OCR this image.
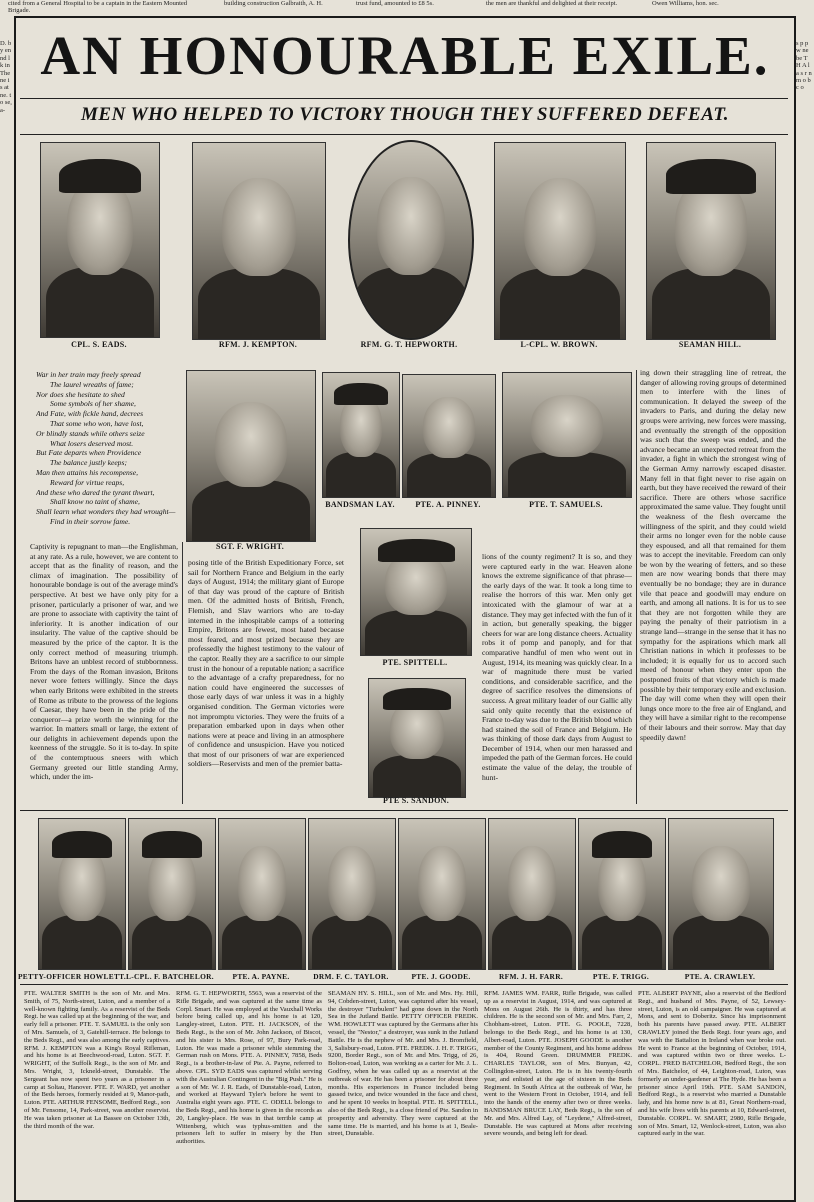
cited from a General Hospital to be a captain in the Eastern Mounted Brigade.
building construction Galbraith, A. H.	trust fund, amounted to £8 5s.	the men are thankful and delighted at their receipt.	Owen Williams, hon. sec.
D. by en nd lk in The ne is at ne. to se, a-
s p p w ne be T H A l a s r n m o b c o
AN HONOURABLE EXILE.
MEN WHO HELPED TO VICTORY THOUGH THEY SUFFERED DEFEAT.
CPL. S. EADS.	RFM. J. KEMPTON.	RFM. G. T. HEPWORTH.	L-CPL. W. BROWN.	SEAMAN HILL.
War in her train may freely spread
The laurel wreaths of fame;
Nor does she hesitate to shed
Some symbols of her shame,
And Fate, with fickle hand, decrees
That some who won, have lost,
Or blindly stands while others seize
What losers deserved most.
But Fate departs when Providence
The balance justly keeps;
Man then attains his recompense,
Reward for virtue reaps,
And these who dared the tyrant thwart,
Shall know no taint of shame,
Shall learn what wonders they had wrought—
Find in their sorrow fame.
SGT. F. WRIGHT.
BANDSMAN LAY.	PTE. A. PINNEY.	PTE. T. SAMUELS.
Captivity is repugnant to man—the Englishman, at any rate. As a rule, however, we are content to accept that as the finality of reason, and the climax of imagination. The possibility of honourable bondage is out of the average mind's perspective. At best we have only pity for a prisoner, particularly a prisoner of war, and we are prone to associate with captivity the taint of inferiority. It is another indication of our insularity. The value of the captive should be measured by the price of the captor. It is the only correct method of measuring triumph. Britons have an unblest record of stubbornness. From the days of the Roman invasion, Britons never wore fetters willingly. Since the days when early Britons were exhibited in the streets of Rome as tribute to the prowess of the legions of Caesar, they have been in the pride of the conqueror—a prize worth the winning for the warrior. In matters small or large, the extent of our delights in achievement depends upon the keenness of the struggle. So it is to-day. In spite of the contemptuous sneers with which Germany greeted our little standing Army, which, under the im-
posing title of the British Expeditionary Force, set sail for Northern France and Belgium in the early days of August, 1914; the military giant of Europe of that day was proud of the capture of British men. Of the admitted hosts of British, French, Flemish, and Slav warriors who are to-day interned in the inhospitable camps of a tottering Empire, Britons are fewest, most hated because most feared, and most prized because they are professedly the highest testimony to the valour of the captor. Really they are a sacrifice to our simple trust in the honour of a reputable nation; a sacrifice to the advantage of a crafty preparedness, for no nation could have engineered the successes of those early days of war unless it was in a highly organised condition. The German victories were not impromptu victories. They were the fruits of a preparation embarked upon in days when other nations were at peace and living in an atmosphere of confidence and unsuspicion. Have you noticed that most of our prisoners of war are experienced soldiers—Reservists and men of the premier batta-
PTE. SPITTELL.
PTE S. SANDON.
lions of the county regiment? It is so, and they were captured early in the war. Heaven alone knows the extreme significance of that phrase—the early days of the war. It took a long time to realise the horrors of this war. Men only get intoxicated with the glamour of war at a distance. They may get infected with the fun of it in action, but generally speaking, the bigger cheers for war are long distance cheers. Actuality robs it of pomp and panoply, and for that comparative handful of men who went out in August, 1914, its meaning was quickly clear. In a war of magnitude there must be varied conditions, and considerable sacrifice, and the degree of sacrifice resolves the dimensions of success. A great military leader of our Gallic ally said only quite recently that the existence of France to-day was due to the British blood which had stained the soil of France and Belgium. He was thinking of those dark days from August to December of 1914, when our men harassed and impeded the path of the German forces. He could estimate the value of the delay, the trouble of hunt-
ing down their straggling line of retreat, the danger of allowing roving groups of determined men to interfere with the lines of communication. It delayed the sweep of the invaders to Paris, and during the delay new groups were arriving, new forces were massing, and eventually the strength of the opposition was such that the sweep was ended, and the advance became an unexpected retreat from the invader, a fight in which the strongest wing of the German Army narrowly escaped disaster. Many fell in that fight never to rise again on earth, but they have received the reward of their sacrifice. There are others whose sacrifice approximated the same value. They fought until the weakness of the flesh overcame the willingness of the spirit, and they could wield their arms no longer even for the noble cause they espoused, and all that remained for them was to accept the inevitable. Freedom can only be won by the wearing of fetters, and so these men are now wearing bonds that there may eventually be no bondage; they are in durance vile that peace and goodwill may endure on earth, and among all nations. It is for us to see that they are not forgotten while they are paying the penalty of their patriotism in a strange land—strange in the sense that it has no sympathy for the aspirations which mark all Christian nations in which it professes to be included; it is equally for us to accord such meed of honour when they enter upon the postponed fruits of that victory which is made possible by their temporary exile and exclusion. The day will come when they will open their lungs once more to the free air of England, and they will have a similar right to the recompense of their labours and their sorrow. May that day speedily dawn!
PETTY-OFFICER HOWLETT. L-CPL. F. BATCHELOR.	PTE. A. PAYNE.	DRM. F. C. TAYLOR.	PTE. J. GOODE.	RFM. J. H. FARR.	PTE. F. TRIGG.	PTE. A. CRAWLEY.
PTE. WALTER SMITH is the son of Mr. and Mrs. Smith, of 75, North-street, Luton, and a member of a well-known fighting family. As a reservist of the Beds Regt. he was called up at the beginning of the war, and early fell a prisoner. PTE. T. SAMUEL is the only son of Mrs. Samuels, of 3, Gatehill-terrace. He belongs to the Beds Regt., and was also among the early captives. RFM. J. KEMPTON was a King's Royal Rifleman, and his home is at Beechwood-road, Luton. SGT. F. WRIGHT, of the Suffolk Regt., is the son of Mr. and Mrs. Wright, 3, Ickneld-street, Dunstable. The Sergeant has now spent two years as a prisoner in a camp at Soltau, Hanover. PTE. F. WARD, yet another of the Beds heroes, formerly resided at 9, Manor-path, Luton. PTE. ARTHUR FENSOME, Bedford Regt., son of Mr. Fensome, 14, Park-street, was another reservist. He was taken prisoner at La Bassee on October 13th, the third month of the war.
RFM. G. T. HEPWORTH, 5563, was a reservist of the Rifle Brigade, and was captured at the same time as Corpl. Smart. He was employed at the Vauxhall Works before being called up, and his home is at 120, Langley-street, Luton. PTE. H. JACKSON, of the Beds Regt., is the son of Mr. John Jackson, of Biscot, and his sister is Mrs. Rose, of 97, Bury Park-road, Luton. He was made a prisoner while stemming the German rush on Mons. PTE. A. PINNEY, 7858, Beds Regt., is a brother-in-law of Pte. A. Payne, referred to above. CPL. SYD EADS was captured whilst serving with the Australian Contingent in the "Big Push." He is a son of Mr. W. J. R. Eads, of Dunstable-road, Luton, and worked at Hayward Tyler's before he went to Australia eight years ago. PTE. C. ODELL belongs to the Beds Regt., and his home is given in the records as 20, Langley-place. He was in that terrible camp at Wittenberg, which was typhus-smitten and the prisoners left to suffer in misery by the Hun authorities.
SEAMAN HY. S. HILL, son of Mr. and Mrs. Hy. Hill, 94, Cobden-street, Luton, was captured after his vessel, the destroyer "Turbulent" had gone down in the North Sea in the Jutland Battle. PETTY OFFICER FREDK. WM. HOWLETT was captured by the Germans after his vessel, the "Nestor," a destroyer, was sunk in the Jutland Battle. He is the nephew of Mr. and Mrs. J. Bromfield, 3, Salisbury-road, Luton. PTE. FREDK. J. H. F. TRIGG, 9200, Border Regt., son of Mr. and Mrs. Trigg, of 26, Bolton-road, Luton, was working as a carter for Mr. J. L. Godfrey, when he was called up as a reservist at the outbreak of war. He has been a prisoner for about three months. His experiences in France included being gassed twice, and twice wounded in the face and chest, and he spent 10 weeks in hospital. PTE. H. SPITTELL, also of the Beds Regt., is a close friend of Pte. Sandon in prosperity and adversity. They were captured at the same time. He is married, and his home is at 1, Beale-street, Dunstable.
RFM. JAMES WM. FARR, Rifle Brigade, was called up as a reservist in August, 1914, and was captured at Mons on August 26th. He is thirty, and has three children. He is the second son of Mr. and Mrs. Farr, 2, Chobham-street, Luton. PTE. G. POOLE, 7228, belongs to the Beds Regt., and his home is at 130, Albert-road, Luton. PTE. JOSEPH GOODE is another member of the County Regiment, and his home address is 404, Round Green. DRUMMER FREDK. CHARLES TAYLOR, son of Mrs. Bunyan, 42, Collingdon-street, Luton. He is in his twenty-fourth year, and enlisted at the age of sixteen in the Beds Regiment. In South Africa at the outbreak of War, he went to the Western Front in October, 1914, and fell into the hands of the enemy after two or three weeks. BANDSMAN BRUCE LAY, Beds Regt., is the son of Mr. and Mrs. Alfred Lay, of "Leydene," Alfred-street, Dunstable. He was captured at Mons after receiving severe wounds, and being left for dead.
PTE. ALBERT PAYNE, also a reservist of the Bedford Regt., and husband of Mrs. Payne, of 52, Lewsey-street, Luton, is an old campaigner. He was captured at Mons, and sent to Doberitz. Since his imprisonment both his parents have passed away. PTE. ALBERT CRAWLEY joined the Beds Regt. four years ago, and was with the Battalion in Ireland when war broke out. He went to France at the beginning of October, 1914, and was captured within two or three weeks. L-CORPL. FRED BATCHELOR, Bedford Regt., the son of Mrs. Batchelor, of 44, Leighton-road, Luton, was formerly an under-gardener at The Hyde. He has been a prisoner since April 19th. PTE. SAM SANDON, Bedford Regt., is a reservist who married a Dunstable lady, and his home now is at 81, Great Northern-road, and his wife lives with his parents at 10, Edward-street, Dunstable. CORPL. W. SMART, 2980, Rifle Brigade, son of Mrs. Smart, 12, Wenlock-street, Luton, was also captured early in the war.
